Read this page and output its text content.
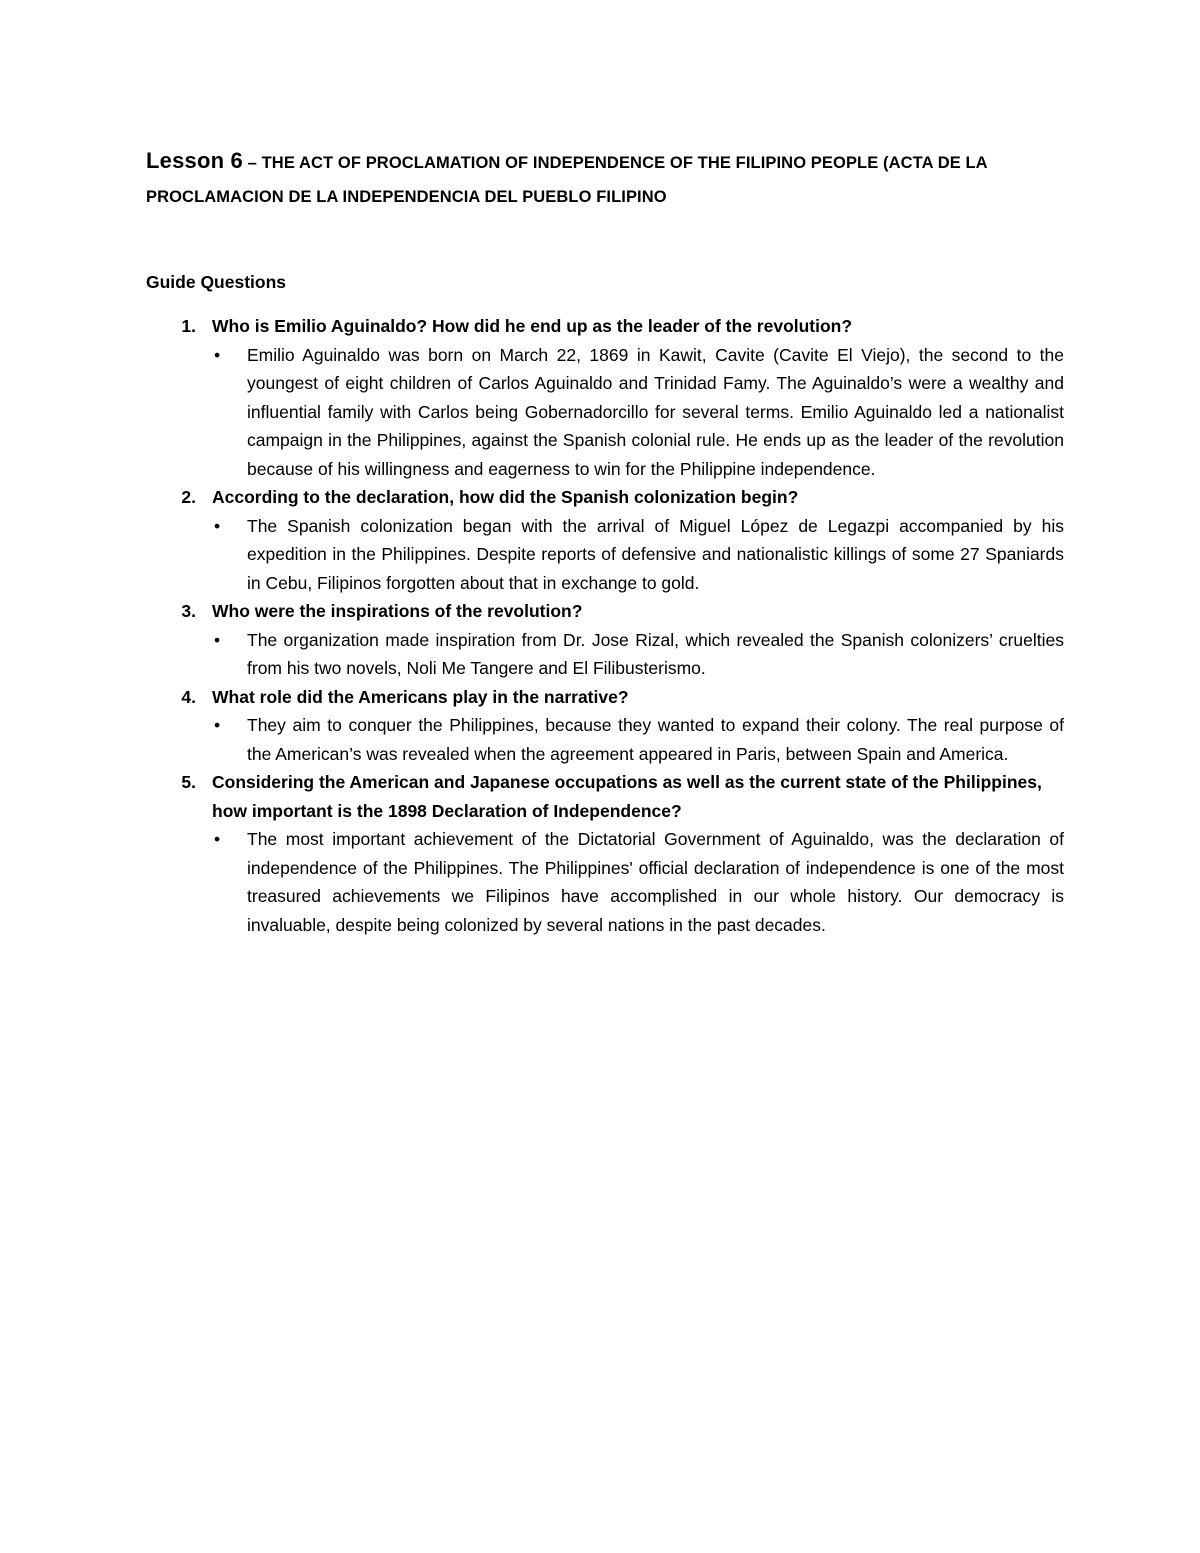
Lesson 6 – THE ACT OF PROCLAMATION OF INDEPENDENCE OF THE FILIPINO PEOPLE (ACTA DE LA PROCLAMACION DE LA INDEPENDENCIA DEL PUEBLO FILIPINO
Guide Questions
1. Who is Emilio Aguinaldo? How did he end up as the leader of the revolution?
• Emilio Aguinaldo was born on March 22, 1869 in Kawit, Cavite (Cavite El Viejo), the second to the youngest of eight children of Carlos Aguinaldo and Trinidad Famy. The Aguinaldo’s were a wealthy and influential family with Carlos being Gobernadorcillo for several terms. Emilio Aguinaldo led a nationalist campaign in the Philippines, against the Spanish colonial rule. He ends up as the leader of the revolution because of his willingness and eagerness to win for the Philippine independence.
2. According to the declaration, how did the Spanish colonization begin?
• The Spanish colonization began with the arrival of Miguel López de Legazpi accompanied by his expedition in the Philippines. Despite reports of defensive and nationalistic killings of some 27 Spaniards in Cebu, Filipinos forgotten about that in exchange to gold.
3. Who were the inspirations of the revolution?
• The organization made inspiration from Dr. Jose Rizal, which revealed the Spanish colonizers’ cruelties from his two novels, Noli Me Tangere and El Filibusterismo.
4. What role did the Americans play in the narrative?
• They aim to conquer the Philippines, because they wanted to expand their colony. The real purpose of the American’s was revealed when the agreement appeared in Paris, between Spain and America.
5. Considering the American and Japanese occupations as well as the current state of the Philippines, how important is the 1898 Declaration of Independence?
• The most important achievement of the Dictatorial Government of Aguinaldo, was the declaration of independence of the Philippines. The Philippines' official declaration of independence is one of the most treasured achievements we Filipinos have accomplished in our whole history. Our democracy is invaluable, despite being colonized by several nations in the past decades.
